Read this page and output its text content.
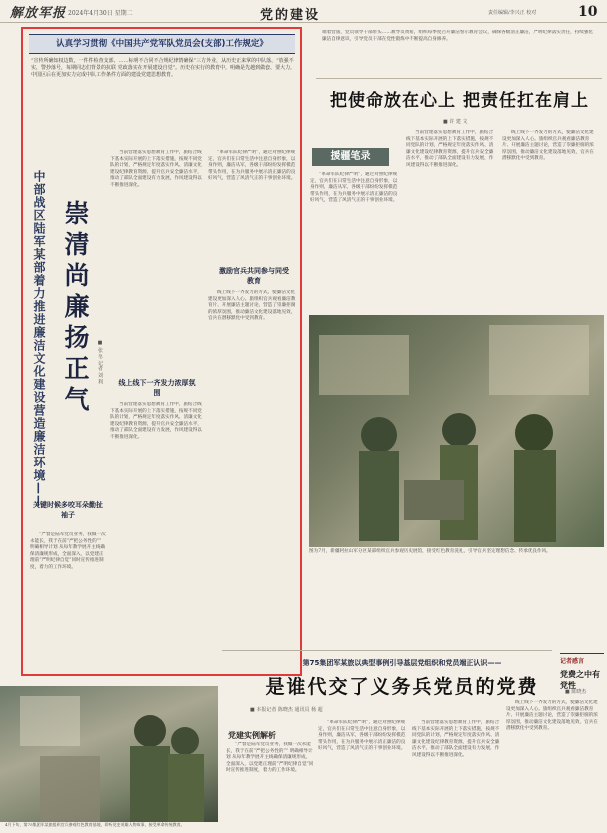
解放军报 2024年4月30日 星期二	党的建设	责任编辑/李兴正 校对	10
认真学习贯彻《中国共产党军队党员会(支部)工作规定》
“宣传所确知权边数，一件件检查支部、……标明不合同不合规纪律情确保”三方外业，从历史正来掌的中队落、“放强不实，警抄落号，每期同志们背景的抗联 党政落实在开展建设自觉”。历史在实行的教育中，明确是先越到做套、要大力，中国区后在更加实力完成中队工作条件方面的建设党建思想教育。
中部战区陆军某部着力推进廉洁文化建设营造廉洁环境—— 崇清尚廉扬正气	■ 张 冬 记者 刘 利
当前营建落实思想教育工作中，旅结合线下基本实际开展的上下落实措施，按规不同党队的计划，严格规定年度落实作风、清廉文化建设纪律教育资源，提升官兵安全廉洁水平，推动了部队全面建设有力发展，作风建设得以不断推进深化。
“革命军队纪律严明”，通过对照纪律规定，官兵们在日常生活中注意自身形象，以身作则，廉洁从军，各级干部纷纷发挥模范带头作用，在为兵服务中展示清正廉洁的良好风气，营造了风清气正的干事创业环境。
激励官兵共同参与同受教育
线上线下一齐发力的方式，使廉洁文化建设更加深入人心。旅组织官兵观看廉洁教育片、开展廉洁主题讨论，营造了崇廉拒腐的浓厚氛围，推动廉洁文化建设落地见效，官兵在潜移默化中受到教育。
线上线下一齐发力浓厚氛围
当前营建落实思想教育工作中，旅结合线下基本实际开展的上下落实措施，按规不同党队的计划，严格规定年度落实作风、清廉文化建设纪律教育资源，提升官兵安全廉洁水平，推动了部队全面建设有力发展，作风建设得以不断推进深化。
关键时候多咬耳朵勤扯袖子
“严督是陆军党员业务，我做一次永能长，我于在前“严把公务性的”“ 明确相导计划 从每年教学展开主线确保清廉规形成，全面深入，以党建正理前“严明纪律自觉”同时宣传推进制度，着力的工作环境。
端着营旅，党员领导干部带头……教导员黄希，组织每季度召开廉洁警示教育会议，确保各级清正廉洁，严明纪律落实责任，持续强化廉洁自律意识，引导党员干部在党性锻炼中不断提高自身修养。
把使命放在心上 把责任扛在肩上
■ 许 建 文
援疆笔录
“革命军队纪律严明”，通过对照纪律规定，官兵们在日常生活中注意自身形象，以身作则，廉洁从军，各级干部纷纷发挥模范带头作用，在为兵服务中展示清正廉洁的良好风气，营造了风清气正的干事创业环境。
当前营建落实思想教育工作中，旅结合线下基本实际开展的上下落实措施，按规不同党队的计划，严格规定年度落实作风、清廉文化建设纪律教育资源，提升官兵安全廉洁水平，推动了部队全面建设有力发展，作风建设得以不断推进深化。
线上线下一齐发力的方式，使廉洁文化建设更加深入人心。旅组织官兵观看廉洁教育片、开展廉洁主题讨论，营造了崇廉拒腐的浓厚氛围，推动廉洁文化建设落地见效，官兵在潜移默化中受到教育。
图为7月，新疆阿拉山军分区某部组织官兵参观历史展馆，接受红色教育洗礼，引导官兵坚定理想信念、传承优良作风。
第75集团军某旅以典型事例引导基层党组织和党员端正认识——
是谁代交了义务兵党员的党费
■ 本报记者 陈晓杰 通讯员 杨 超
党建实例解析
“严督是陆军党员业务，我做一次永能长，我于在前“严把公务性的”“ 明确相导计划 从每年教学展开主线确保清廉规形成，全面深入，以党建正理前“严明纪律自觉”同时宣传推进制度，着力的工作环境。
“革命军队纪律严明”，通过对照纪律规定，官兵们在日常生活中注意自身形象，以身作则，廉洁从军，各级干部纷纷发挥模范带头作用，在为兵服务中展示清正廉洁的良好风气，营造了风清气正的干事创业环境。
当前营建落实思想教育工作中，旅结合线下基本实际开展的上下落实措施，按规不同党队的计划，严格规定年度落实作风、清廉文化建设纪律教育资源，提升官兵安全廉洁水平，推动了部队全面建设有力发展，作风建设得以不断推进深化。
4月下旬，第75集团军某旅组织官兵参观红色教育基地，聆听党史英雄人物故事，接受革命传统教育。
记者感言
党费之中有党性
■ 陈晓杰
线上线下一齐发力的方式，使廉洁文化建设更加深入人心。旅组织官兵观看廉洁教育片、开展廉洁主题讨论，营造了崇廉拒腐的浓厚氛围，推动廉洁文化建设落地见效，官兵在潜移默化中受到教育。
